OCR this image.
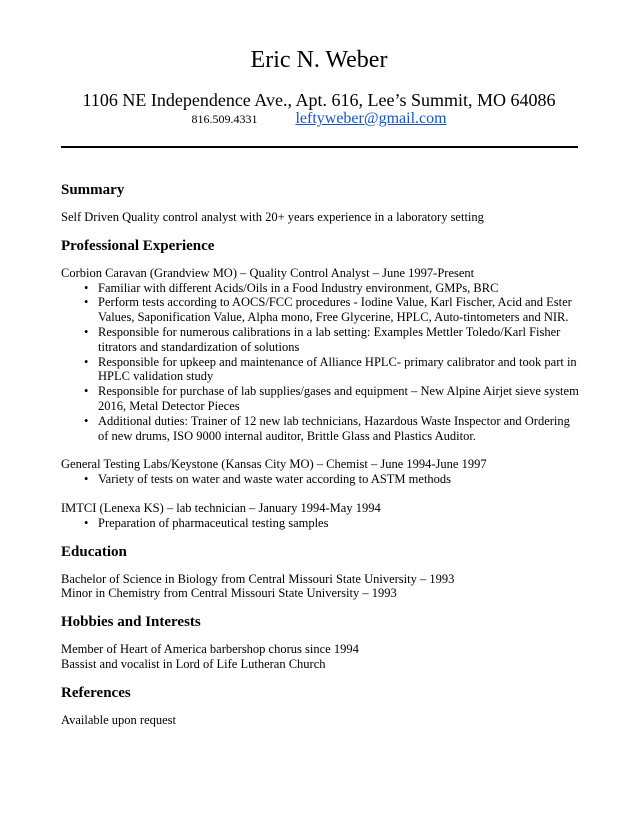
Eric N. Weber
1106 NE Independence Ave., Apt. 616, Lee’s Summit, MO 64086
816.509.4331 leftyweber@gmail.com
Summary

Self Driven Quality control analyst with 20+ years experience in a laboratory setting

Professional Experience

Corbion Caravan (Grandview MO) – Quality Control Analyst – June 1997-Present

• Familiar with different Acids/Oils in a Food Industry environment, GMPs, BRC
• Perform tests according to AOCS/FCC procedures - Iodine Value, Karl Fischer, Acid and Ester Values, Saponification Value, Alpha mono, Free Glycerine, HPLC, Auto-tintometers and NIR.
• Responsible for numerous calibrations in a lab setting: Examples Mettler Toledo/Karl Fisher titrators and standardization of solutions
• Responsible for upkeep and maintenance of Alliance HPLC- primary calibrator and took part in HPLC validation study
• Responsible for purchase of lab supplies/gases and equipment – New Alpine Airjet sieve system 2016, Metal Detector Pieces
• Additional duties: Trainer of 12 new lab technicians, Hazardous Waste Inspector and Ordering of new drums, ISO 9000 internal auditor, Brittle Glass and Plastics Auditor.

General Testing Labs/Keystone (Kansas City MO) – Chemist – June 1994-June 1997

• Variety of tests on water and waste water according to ASTM methods

IMTCI (Lenexa KS) – lab technician – January 1994-May 1994

• Preparation of pharmaceutical testing samples
Education

Bachelor of Science in Biology from Central Missouri State University – 1993

Minor in Chemistry from Central Missouri State University – 1993

Hobbies and Interests

Member of Heart of America barbershop chorus since 1994

Bassist and vocalist in Lord of Life Lutheran Church

References

Available upon request
